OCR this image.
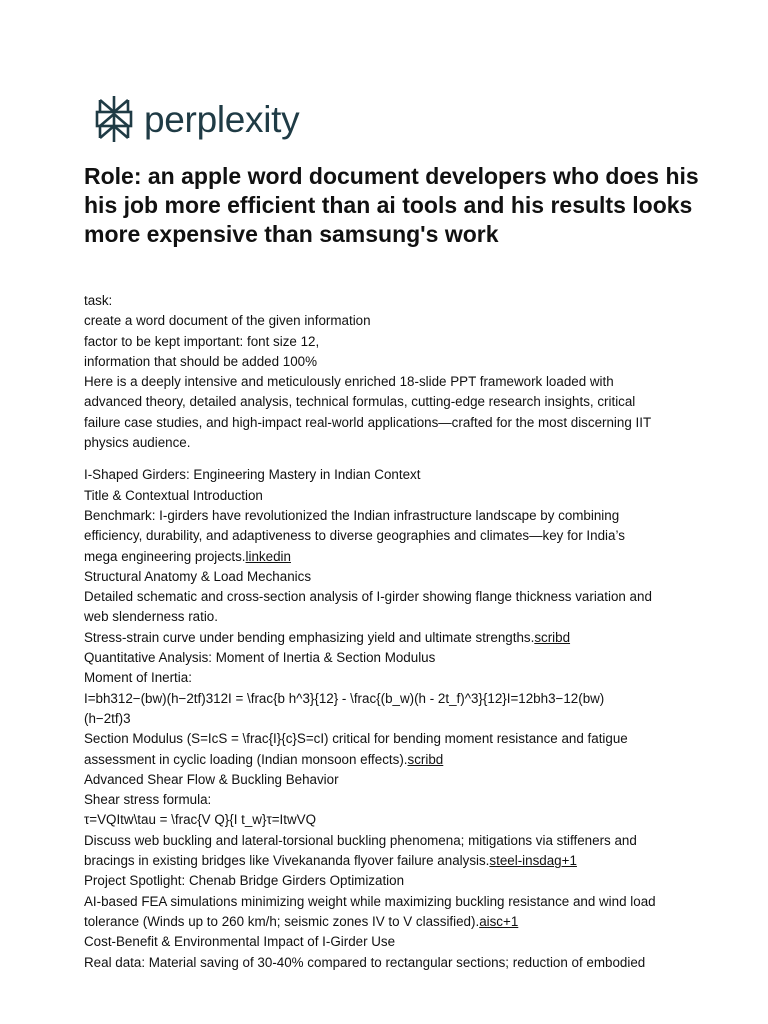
perplexity
Role: an apple word document developers who does his his job more efficient than ai tools and his results looks more expensive than samsung's work

task:

create a word document of the given information

factor to be kept important: font size 12,

information that should be added 100%

Here is a deeply intensive and meticulously enriched 18-slide PPT framework loaded with

advanced theory, detailed analysis, technical formulas, cutting-edge research insights, critical

failure case studies, and high-impact real-world applications—crafted for the most discerning IIT

physics audience.

I-Shaped Girders: Engineering Mastery in Indian Context

Title & Contextual Introduction

Benchmark: I-girders have revolutionized the Indian infrastructure landscape by combining

efficiency, durability, and adaptiveness to diverse geographies and climates—key for India’s

mega engineering projects.linkedin

Structural Anatomy & Load Mechanics

Detailed schematic and cross-section analysis of I-girder showing flange thickness variation and

web slenderness ratio.

Stress-strain curve under bending emphasizing yield and ultimate strengths.scribd

Quantitative Analysis: Moment of Inertia & Section Modulus

Moment of Inertia:

I=bh312−(bw)(h−2tf)312I = \frac{b h^3}{12} - \frac{(b_w)(h - 2t_f)^3}{12}I=12bh3−12(bw)

(h−2tf)3

Section Modulus (S=IcS = \frac{I}{c}S=cI) critical for bending moment resistance and fatigue

assessment in cyclic loading (Indian monsoon effects).scribd

Advanced Shear Flow & Buckling Behavior

Shear stress formula:

τ=VQItw\tau = \frac{V Q}{I t_w}τ=ItwVQ

Discuss web buckling and lateral-torsional buckling phenomena; mitigations via stiffeners and

bracings in existing bridges like Vivekananda flyover failure analysis.steel-insdag+1

Project Spotlight: Chenab Bridge Girders Optimization

AI-based FEA simulations minimizing weight while maximizing buckling resistance and wind load

tolerance (Winds up to 260 km/h; seismic zones IV to V classified).aisc+1

Cost-Benefit & Environmental Impact of I-Girder Use

Real data: Material saving of 30-40% compared to rectangular sections; reduction of embodied
